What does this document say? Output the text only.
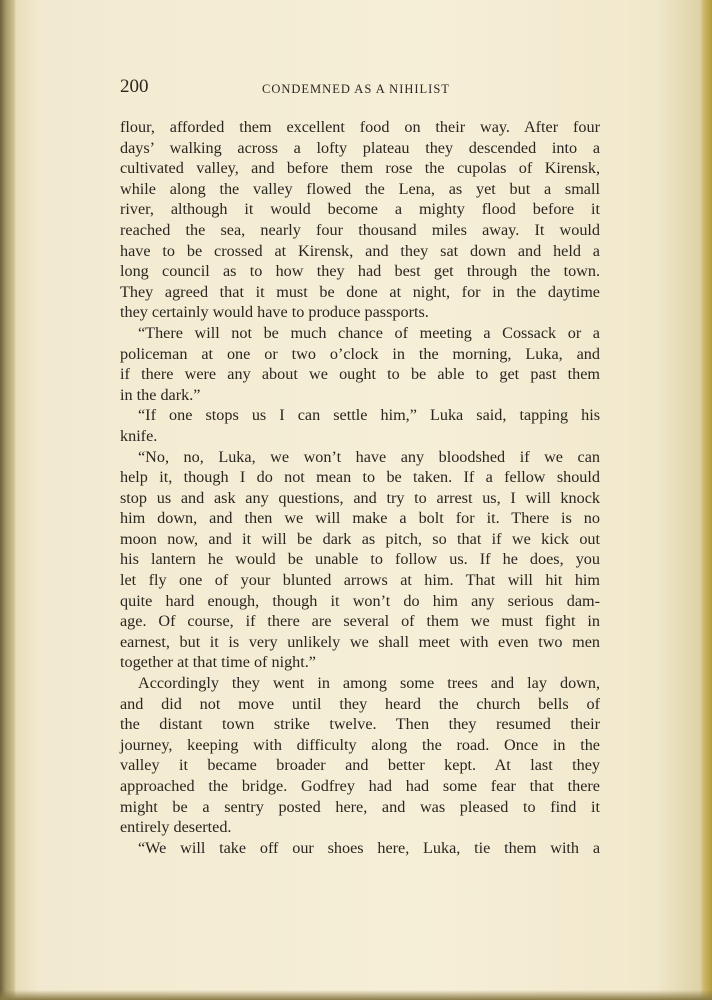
200	CONDEMNED AS A NIHILIST
flour, afforded them excellent food on their way. After four
days’ walking across a lofty plateau they descended into a
cultivated valley, and before them rose the cupolas of Kirensk,
while along the valley flowed the Lena, as yet but a small
river, although it would become a mighty flood before it
reached the sea, nearly four thousand miles away. It would
have to be crossed at Kirensk, and they sat down and held a
long council as to how they had best get through the town.
They agreed that it must be done at night, for in the daytime
they certainly would have to produce passports.
“There will not be much chance of meeting a Cossack or a
policeman at one or two o’clock in the morning, Luka, and
if there were any about we ought to be able to get past them
in the dark.”
“If one stops us I can settle him,” Luka said, tapping his
knife.
“No, no, Luka, we won’t have any bloodshed if we can
help it, though I do not mean to be taken. If a fellow should
stop us and ask any questions, and try to arrest us, I will knock
him down, and then we will make a bolt for it. There is no
moon now, and it will be dark as pitch, so that if we kick out
his lantern he would be unable to follow us. If he does, you
let fly one of your blunted arrows at him. That will hit him
quite hard enough, though it won’t do him any serious dam-
age. Of course, if there are several of them we must fight in
earnest, but it is very unlikely we shall meet with even two men
together at that time of night.”
Accordingly they went in among some trees and lay down,
and did not move until they heard the church bells of
the distant town strike twelve. Then they resumed their
journey, keeping with difficulty along the road. Once in the
valley it became broader and better kept. At last they
approached the bridge. Godfrey had had some fear that there
might be a sentry posted here, and was pleased to find it
entirely deserted.
“We will take off our shoes here, Luka, tie them with a
